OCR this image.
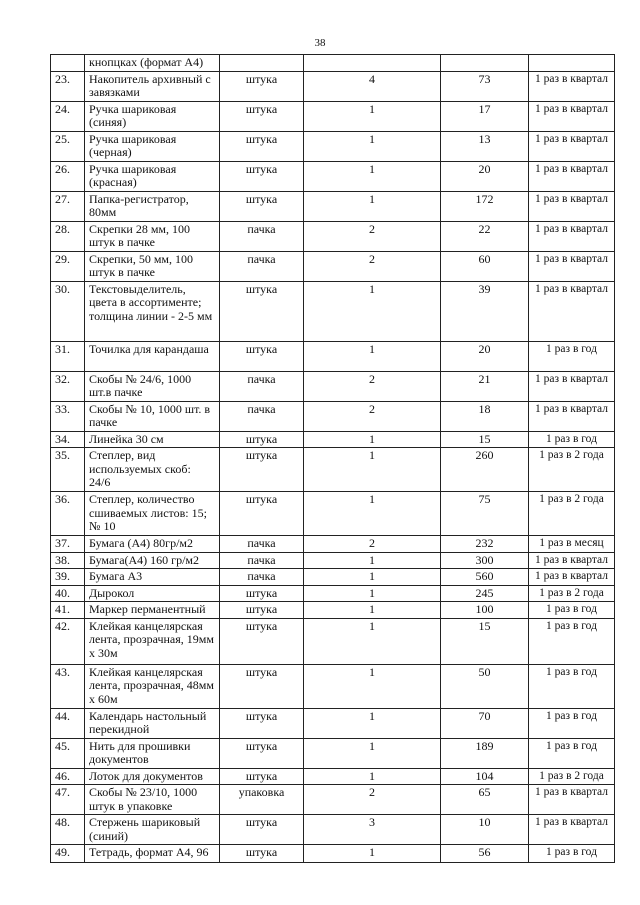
38
	кнопцках (формат А4)				
23.	Накопитель архивный с завязками	штука	4	73	1 раз в квартал
24.	Ручка шариковая (синяя)	штука	1	17	1 раз в квартал
25.	Ручка шариковая (черная)	штука	1	13	1 раз в квартал
26.	Ручка шариковая (красная)	штука	1	20	1 раз в квартал
27.	Папка-регистратор, 80мм	штука	1	172	1 раз в квартал
28.	Скрепки 28 мм, 100 штук в пачке	пачка	2	22	1 раз в квартал
29.	Скрепки, 50 мм, 100 штук в пачке	пачка	2	60	1 раз в квартал
30.	Текстовыделитель, цвета в ассортименте; толщина линии - 2-5 мм	штука	1	39	1 раз в квартал
31.	Точилка для карандаша	штука	1	20	1 раз в год
32.	Скобы № 24/6, 1000 шт.в пачке	пачка	2	21	1 раз в квартал
33.	Скобы № 10, 1000 шт. в пачке	пачка	2	18	1 раз в квартал
34.	Линейка 30 см	штука	1	15	1 раз в год
35.	Степлер, вид используемых скоб: 24/6	штука	1	260	1 раз в 2 года
36.	Степлер, количество сшиваемых листов: 15; № 10	штука	1	75	1 раз в 2 года
37.	Бумага (А4) 80гр/м2	пачка	2	232	1 раз в месяц
38.	Бумага(А4) 160 гр/м2	пачка	1	300	1 раз в квартал
39.	Бумага А3	пачка	1	560	1 раз в квартал
40.	Дырокол	штука	1	245	1 раз в 2 года
41.	Маркер перманентный	штука	1	100	1 раз в год
42.	Клейкая канцелярская лента, прозрачная, 19мм х 30м	штука	1	15	1 раз в год
43.	Клейкая канцелярская лента, прозрачная, 48мм х 60м	штука	1	50	1 раз в год
44.	Календарь настольный перекидной	штука	1	70	1 раз в год
45.	Нить для прошивки документов	штука	1	189	1 раз в год
46.	Лоток для документов	штука	1	104	1 раз в 2 года
47.	Скобы № 23/10, 1000 штук в упаковке	упаковка	2	65	1 раз в квартал
48.	Стержень шариковый (синий)	штука	3	10	1 раз в квартал
49.	Тетрадь, формат А4, 96	штука	1	56	1 раз в год
